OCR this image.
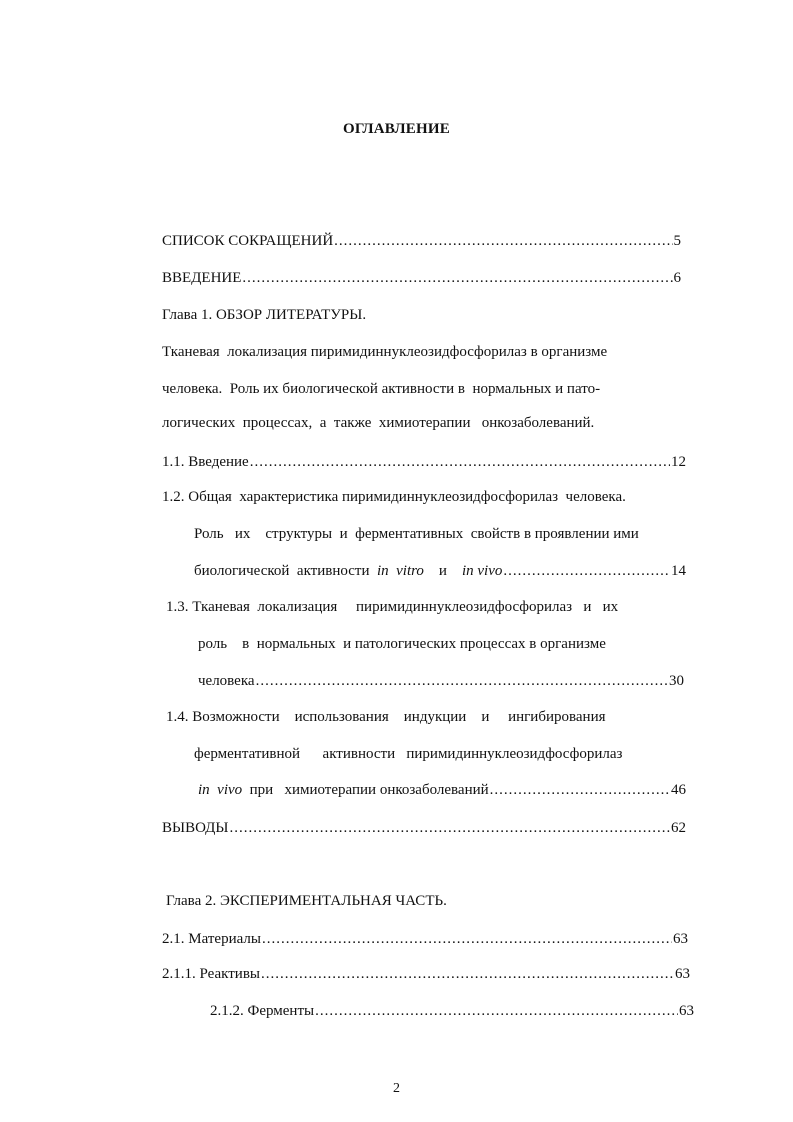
ОГЛАВЛЕНИЕ
СПИСОК СОКРАЩЕНИЙ .....	5
ВВЕДЕНИЕ .....	6
Глава 1. ОБЗОР ЛИТЕРАТУРЫ.
Тканевая  локализация пиримидиннуклеозидфосфорилаз в организме
человека.  Роль их биологической активности в  нормальных и пато-
логических  процессах,  а  также  химиотерапии   онкозаболеваний.
1.1. Введение .....	12
1.2. Общая  характеристика пиримидиннуклеозидфосфорилаз  человека.
Роль   их    структуры  и  ферментативных  свойств в проявлении ими
биологической  активности
in  vitro
и
in vivo .....	14
1.3. Тканевая  локализация     пиримидиннуклеозидфосфорилаз   и   их
роль    в  нормальных  и патологических процессах в организме
человека .....	30
1.4. Возможности    использования    индукции    и     ингибирования
ферментативной      активности   пиримидиннуклеозидфосфорилаз
in  vivo
при   химиотерапии онкозаболеваний .....	46
ВЫВОДЫ .....	62
Глава 2. ЭКСПЕРИМЕНТАЛЬНАЯ ЧАСТЬ.
2.1. Материалы .....	63
2.1.1. Реактивы .....	63
2.1.2. Ферменты .....	63
2
